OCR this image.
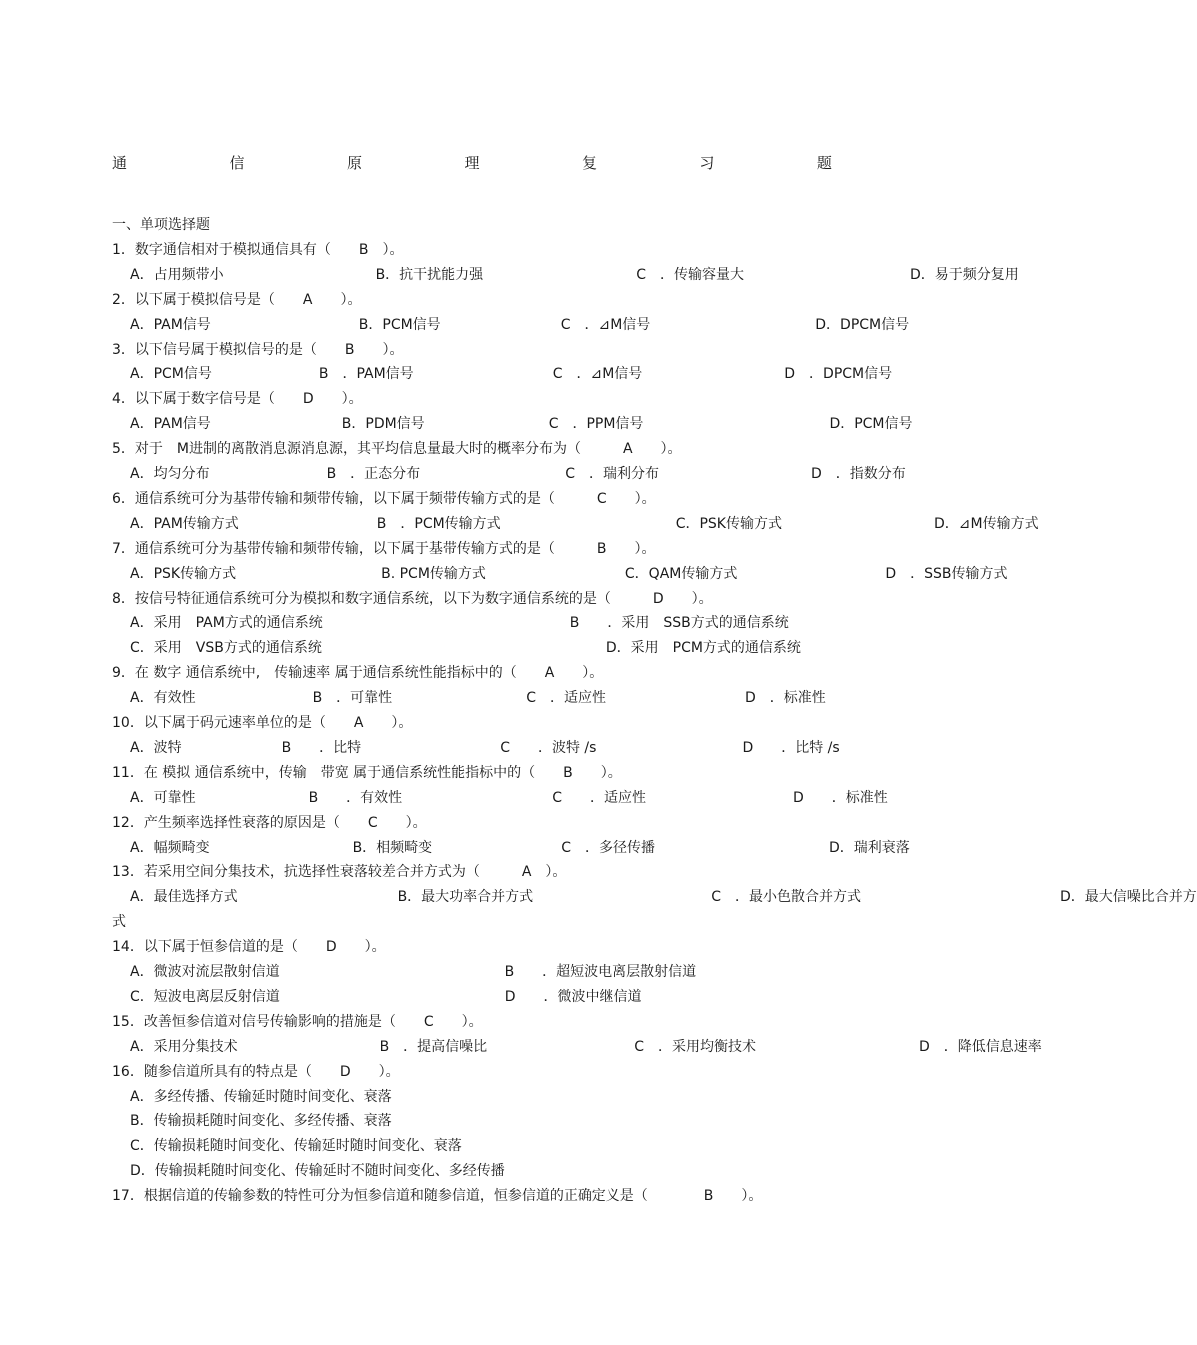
通	信	原	理	复	习	题
一、单项选择题
1．数字通信相对于模拟通信具有（　　B　）。
A．占用频带小	B．抗干扰能力强	C　．传输容量大	D．易于频分复用
2．以下属于模拟信号是（　　A　　）。
A．PAM信号	B．PCM信号	C　．⊿M信号	D．DPCM信号
3．以下信号属于模拟信号的是（　　B　　）。
A．PCM信号	B　．PAM信号	C　．⊿M信号	D　．DPCM信号
4．以下属于数字信号是（　　D　　）。
A．PAM信号	B．PDM信号	C　．PPM信号	D．PCM信号
5．对于　M进制的离散消息源消息源，其平均信息量最大时的概率分布为（　　　A　　）。
A．均匀分布	B　．正态分布	C　．瑞利分布	D　．指数分布
6．通信系统可分为基带传输和频带传输，以下属于频带传输方式的是（　　　C　　）。
A．PAM传输方式	B　．PCM传输方式	C．PSK传输方式	D．⊿M传输方式
7．通信系统可分为基带传输和频带传输，以下属于基带传输方式的是（　　　B　　）。
A．PSK传输方式	B. PCM传输方式	C．QAM传输方式	D　．SSB传输方式
8．按信号特征通信系统可分为模拟和数字通信系统，以下为数字通信系统的是（　　　D　　）。
A．采用　PAM方式的通信系统	B　　．采用　SSB方式的通信系统
C．采用　VSB方式的通信系统	D．采用　PCM方式的通信系统
9．在 数字 通信系统中,　传输速率 属于通信系统性能指标中的（　　A　　）。
A．有效性	B　．可靠性	C　．适应性	D　．标准性
10．以下属于码元速率单位的是（　　A　　）。
A．波特	B　　．比特	C　　．波特 /s	D　　．比特 /s
11．在 模拟 通信系统中，传输　带宽 属于通信系统性能指标中的（　　B　　）。
A．可靠性	B　　．有效性	C　　．适应性	D　　．标准性
12．产生频率选择性衰落的原因是（　　C　　）。
A．幅频畸变	B．相频畸变	C　．多径传播	D．瑞利衰落
13．若采用空间分集技术，抗选择性衰落较差合并方式为（　　　A　）。
A．最佳选择方式	B．最大功率合并方式	C　．最小色散合并方式	D．最大信噪比合并方
式
14．以下属于恒参信道的是（　　D　　）。
A．微波对流层散射信道	B　　．超短波电离层散射信道
C．短波电离层反射信道	D　　．微波中继信道
15．改善恒参信道对信号传输影响的措施是（　　C　　）。
A．采用分集技术	B　．提高信噪比	C　．采用均衡技术	D　．降低信息速率
16．随参信道所具有的特点是（　　D　　）。
A．多经传播、传输延时随时间变化、衰落
B．传输损耗随时间变化、多经传播、衰落
C．传输损耗随时间变化、传输延时随时间变化、衰落
D．传输损耗随时间变化、传输延时不随时间变化、多经传播
17．根据信道的传输参数的特性可分为恒参信道和随参信道，恒参信道的正确定义是（　　　　B　　）。
